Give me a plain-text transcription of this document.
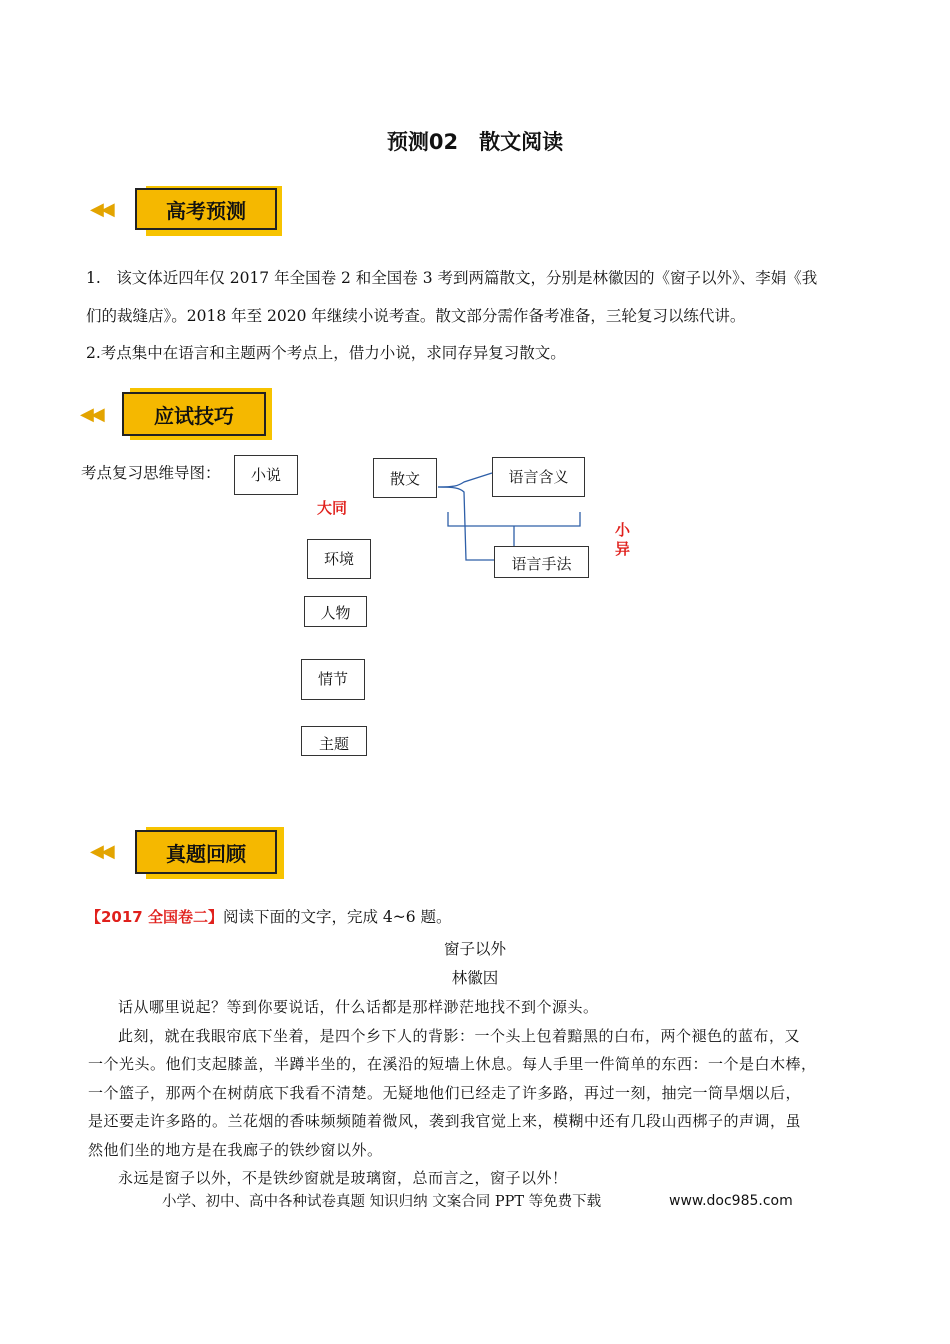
预测02　散文阅读
◀◀	高考预测
1.　该文体近四年仅 2017 年全国卷 2 和全国卷 3 考到两篇散文，分别是林徽因的《窗子以外》、李娟《我
们的裁缝店》。2018 年至 2020 年继续小说考查。散文部分需作备考准备，三轮复习以练代讲。
2.考点集中在语言和主题两个考点上，借力小说，求同存异复习散文。
◀◀	应试技巧
考点复习思维导图：	小说	散文	语言含义
语言手法
大同
小异
环境
人物
情节
主题
◀◀	真题回顾
【2017 全国卷二】阅读下面的文字，完成 4~6 题。
窗子以外
林徽因
话从哪里说起？等到你要说话，什么话都是那样渺茫地找不到个源头。
此刻，就在我眼帘底下坐着，是四个乡下人的背影：一个头上包着黯黑的白布，两个褪色的蓝布，又
一个光头。他们支起膝盖，半蹲半坐的，在溪沿的短墙上休息。每人手里一件简单的东西：一个是白木棒，
一个篮子，那两个在树荫底下我看不清楚。无疑地他们已经走了许多路，再过一刻，抽完一筒旱烟以后，
是还要走许多路的。兰花烟的香味频频随着微风，袭到我官觉上来，模糊中还有几段山西梆子的声调，虽
然他们坐的地方是在我廊子的铁纱窗以外。
永远是窗子以外，不是铁纱窗就是玻璃窗，总而言之，窗子以外！
小学、初中、高中各种试卷真题 知识归纳 文案合同 PPT 等免费下载	www.doc985.com
